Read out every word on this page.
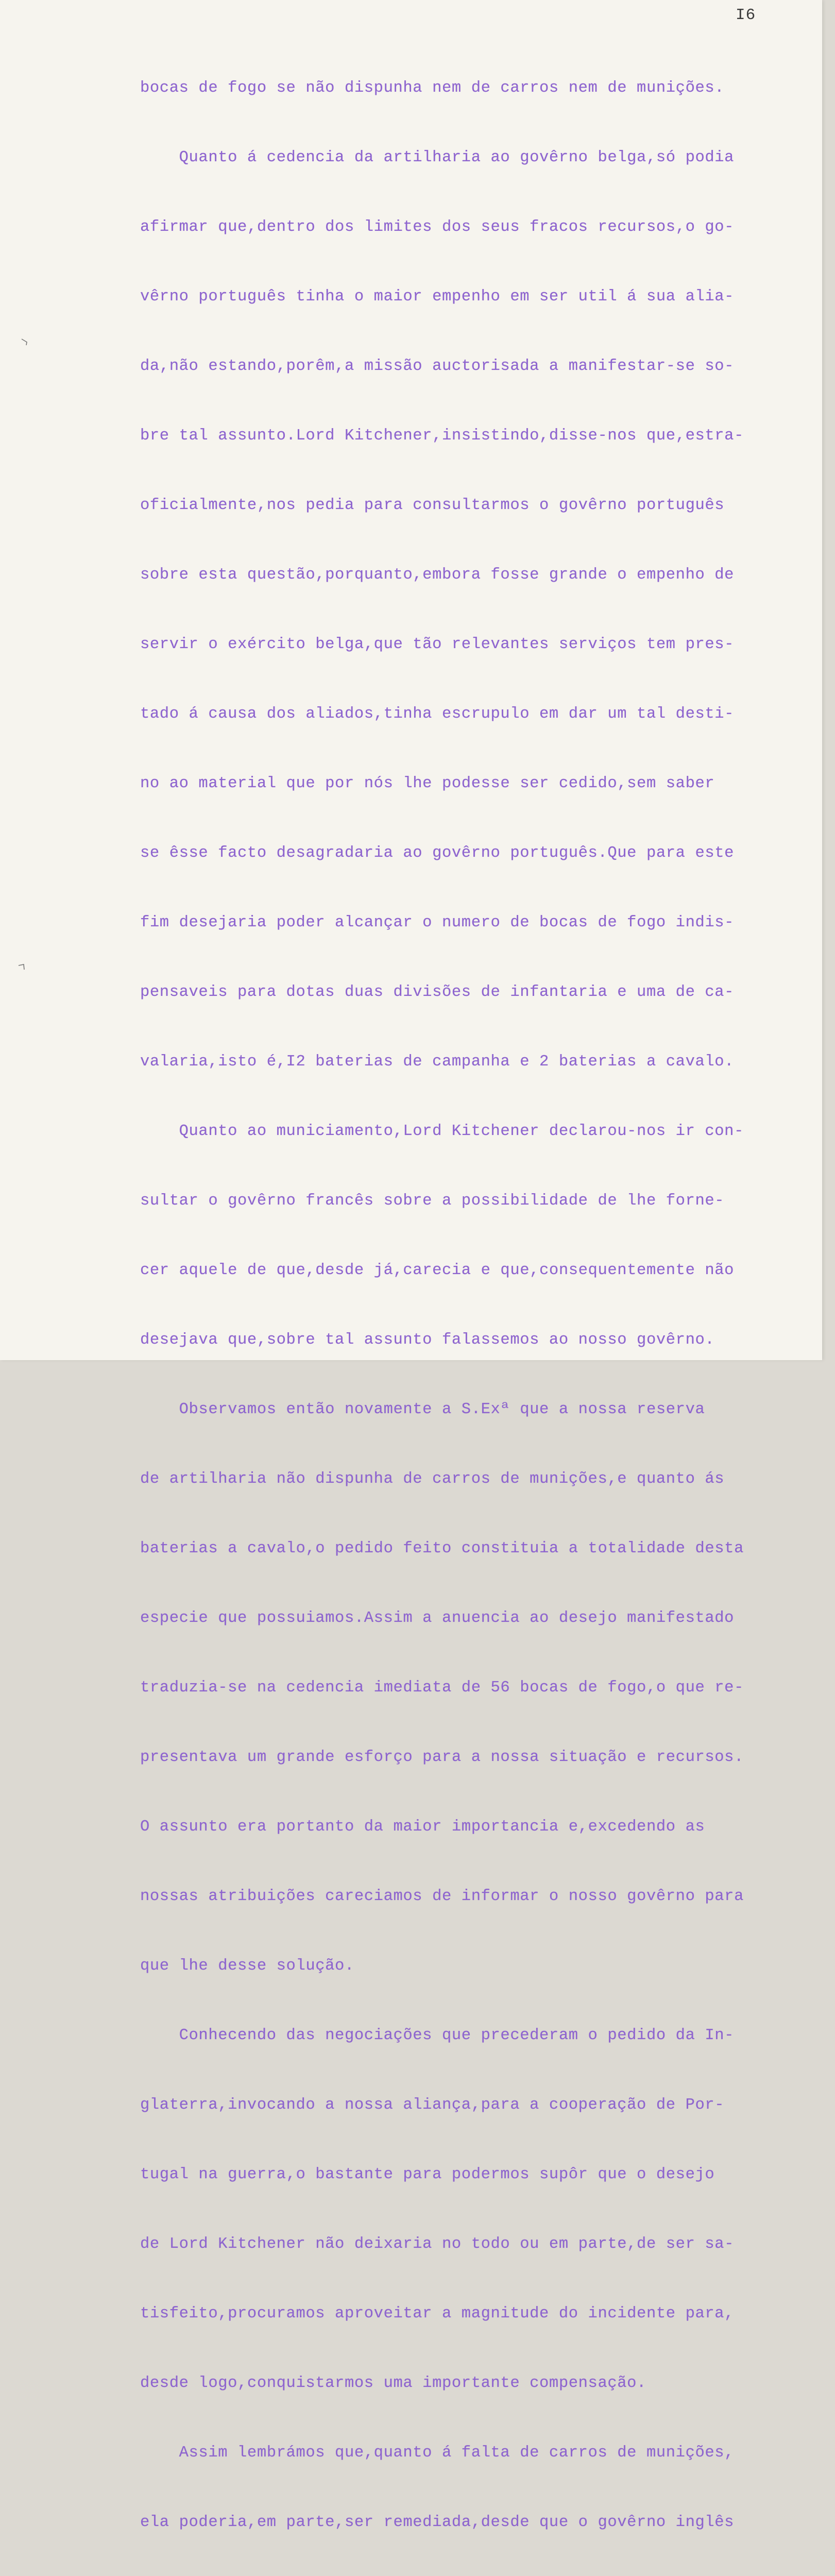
I6

bocas de fogo se não dispunha nem de carros nem de munições.

Quanto á cedencia da artilharia ao govêrno belga,só podia

afirmar que,dentro dos limites dos seus fracos recursos,o go-

vêrno português tinha o maior empenho em ser util á sua alia-

da,não estando,porêm,a missão auctorisada a manifestar-se so-

bre tal assunto.Lord Kitchener,insistindo,disse-nos que,estra-

oficialmente,nos pedia para consultarmos o govêrno português

sobre esta questão,porquanto,embora fosse grande o empenho de

servir o exército belga,que tão relevantes serviços tem pres-

tado á causa dos aliados,tinha escrupulo em dar um tal desti-

no ao material que por nós lhe podesse ser cedido,sem saber

se êsse facto desagradaria ao govêrno português.Que para este

fim desejaria poder alcançar o numero de bocas de fogo indis-

pensaveis para dotas duas divisões de infantaria e uma de ca-

valaria,isto é,I2 baterias de campanha e 2 baterias a cavalo.

Quanto ao municiamento,Lord Kitchener declarou-nos ir con-

sultar o govêrno francês sobre a possibilidade de lhe forne-

cer aquele de que,desde já,carecia e que,consequentemente não

desejava que,sobre tal assunto falassemos ao nosso govêrno.

Observamos então novamente a S.Exª que a nossa reserva

de artilharia não dispunha de carros de munições,e quanto ás

baterias a cavalo,o pedido feito constituia a totalidade desta

especie que possuiamos.Assim a anuencia ao desejo manifestado

traduzia-se na cedencia imediata de 56 bocas de fogo,o que re-

presentava um grande esforço para a nossa situação e recursos.

O assunto era portanto da maior importancia e,excedendo as

nossas atribuições careciamos de informar o nosso govêrno para

que lhe desse solução.

Conhecendo das negociações que precederam o pedido da In-

glaterra,invocando a nossa aliança,para a cooperação de Por-

tugal na guerra,o bastante para podermos supôr que o desejo

de Lord Kitchener não deixaria no todo ou em parte,de ser sa-

tisfeito,procuramos aproveitar a magnitude do incidente para,

desde logo,conquistarmos uma importante compensação.

Assim lembrámos que,quanto á falta de carros de munições,

ela poderia,em parte,ser remediada,desde que o govêrno inglês
